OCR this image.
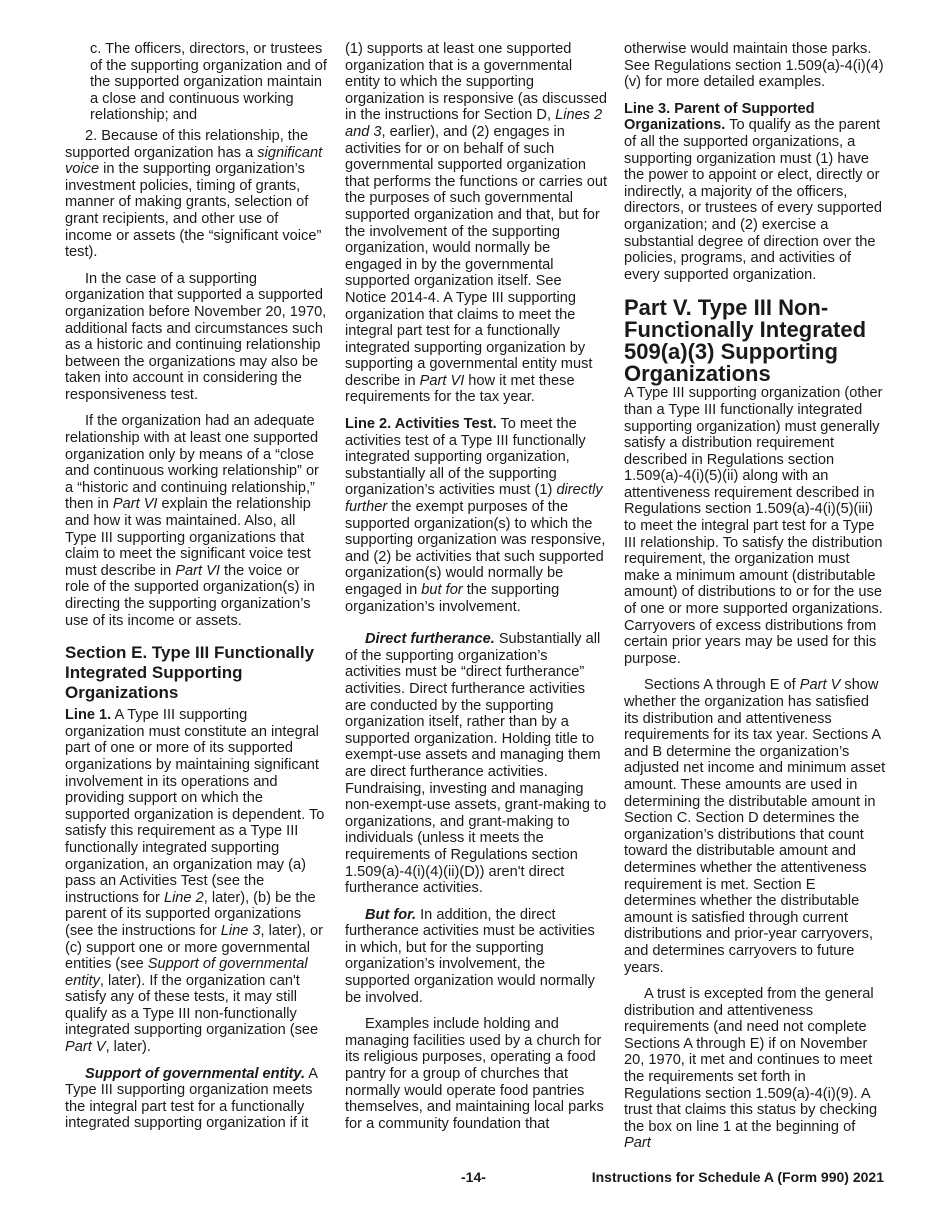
c. The officers, directors, or trustees of the supporting organization and of the supported organization maintain a close and continuous working relationship; and

2. Because of this relationship, the supported organization has a significant voice in the supporting organization’s investment policies, timing of grants, manner of making grants, selection of grant recipients, and other use of income or assets (the “significant voice” test).

In the case of a supporting organization that supported a supported organization before November 20, 1970, additional facts and circumstances such as a historic and continuing relationship between the organizations may also be taken into account in considering the responsiveness test.

If the organization had an adequate relationship with at least one supported organization only by means of a “close and continuous working relationship” or a “historic and continuing relationship,” then in Part VI explain the relationship and how it was maintained. Also, all Type III supporting organizations that claim to meet the significant voice test must describe in Part VI the voice or role of the supported organization(s) in directing the supporting organization’s use of its income or assets.

Section E. Type III Functionally Integrated Supporting Organizations

Line 1. A Type III supporting organization must constitute an integral part of one or more of its supported organizations by maintaining significant involvement in its operations and providing support on which the supported organization is dependent. To satisfy this requirement as a Type III functionally integrated supporting organization, an organization may (a) pass an Activities Test (see the instructions for Line 2, later), (b) be the parent of its supported organizations (see the instructions for Line 3, later), or (c) support one or more governmental entities (see Support of governmental entity, later). If the organization can't satisfy any of these tests, it may still qualify as a Type III non-functionally integrated supporting organization (see Part V, later).

Support of governmental entity. A Type III supporting organization meets the integral part test for a functionally integrated supporting organization if it

(1) supports at least one supported organization that is a governmental entity to which the supporting organization is responsive (as discussed in the instructions for Section D, Lines 2 and 3, earlier), and (2) engages in activities for or on behalf of such governmental supported organization that performs the functions or carries out the purposes of such governmental supported organization and that, but for the involvement of the supporting organization, would normally be engaged in by the governmental supported organization itself. See Notice 2014-4. A Type III supporting organization that claims to meet the integral part test for a functionally integrated supporting organization by supporting a governmental entity must describe in Part VI how it met these requirements for the tax year.

Line 2. Activities Test. To meet the activities test of a Type III functionally integrated supporting organization, substantially all of the supporting organization’s activities must (1) directly further the exempt purposes of the supported organization(s) to which the supporting organization was responsive, and (2) be activities that such supported organization(s) would normally be engaged in but for the supporting organization’s involvement.

Direct furtherance. Substantially all of the supporting organization’s activities must be “direct furtherance” activities. Direct furtherance activities are conducted by the supporting organization itself, rather than by a supported organization. Holding title to exempt-use assets and managing them are direct furtherance activities. Fundraising, investing and managing non-exempt-use assets, grant-making to organizations, and grant-making to individuals (unless it meets the requirements of Regulations section 1.509(a)-4(i)(4)(ii)(D)) aren't direct furtherance activities.

But for. In addition, the direct furtherance activities must be activities in which, but for the supporting organization’s involvement, the supported organization would normally be involved.

Examples include holding and managing facilities used by a church for its religious purposes, operating a food pantry for a group of churches that normally would operate food pantries themselves, and maintaining local parks for a community foundation that

otherwise would maintain those parks. See Regulations section 1.509(a)-4(i)(4)(v) for more detailed examples.

Line 3. Parent of Supported Organizations. To qualify as the parent of all the supported organizations, a supporting organization must (1) have the power to appoint or elect, directly or indirectly, a majority of the officers, directors, or trustees of every supported organization; and (2) exercise a substantial degree of direction over the policies, programs, and activities of every supported organization.

Part V. Type III Non-Functionally Integrated 509(a)(3) Supporting Organizations

A Type III supporting organization (other than a Type III functionally integrated supporting organization) must generally satisfy a distribution requirement described in Regulations section 1.509(a)-4(i)(5)(ii) along with an attentiveness requirement described in Regulations section 1.509(a)-4(i)(5)(iii) to meet the integral part test for a Type III relationship. To satisfy the distribution requirement, the organization must make a minimum amount (distributable amount) of distributions to or for the use of one or more supported organizations. Carryovers of excess distributions from certain prior years may be used for this purpose.

Sections A through E of Part V show whether the organization has satisfied its distribution and attentiveness requirements for its tax year. Sections A and B determine the organization’s adjusted net income and minimum asset amount. These amounts are used in determining the distributable amount in Section C. Section D determines the organization’s distributions that count toward the distributable amount and determines whether the attentiveness requirement is met. Section E determines whether the distributable amount is satisfied through current distributions and prior-year carryovers, and determines carryovers to future years.

A trust is excepted from the general distribution and attentiveness requirements (and need not complete Sections A through E) if on November 20, 1970, it met and continues to meet the requirements set forth in Regulations section 1.509(a)-4(i)(9). A trust that claims this status by checking the box on line 1 at the beginning of Part

-14-	Instructions for Schedule A (Form 990) 2021
